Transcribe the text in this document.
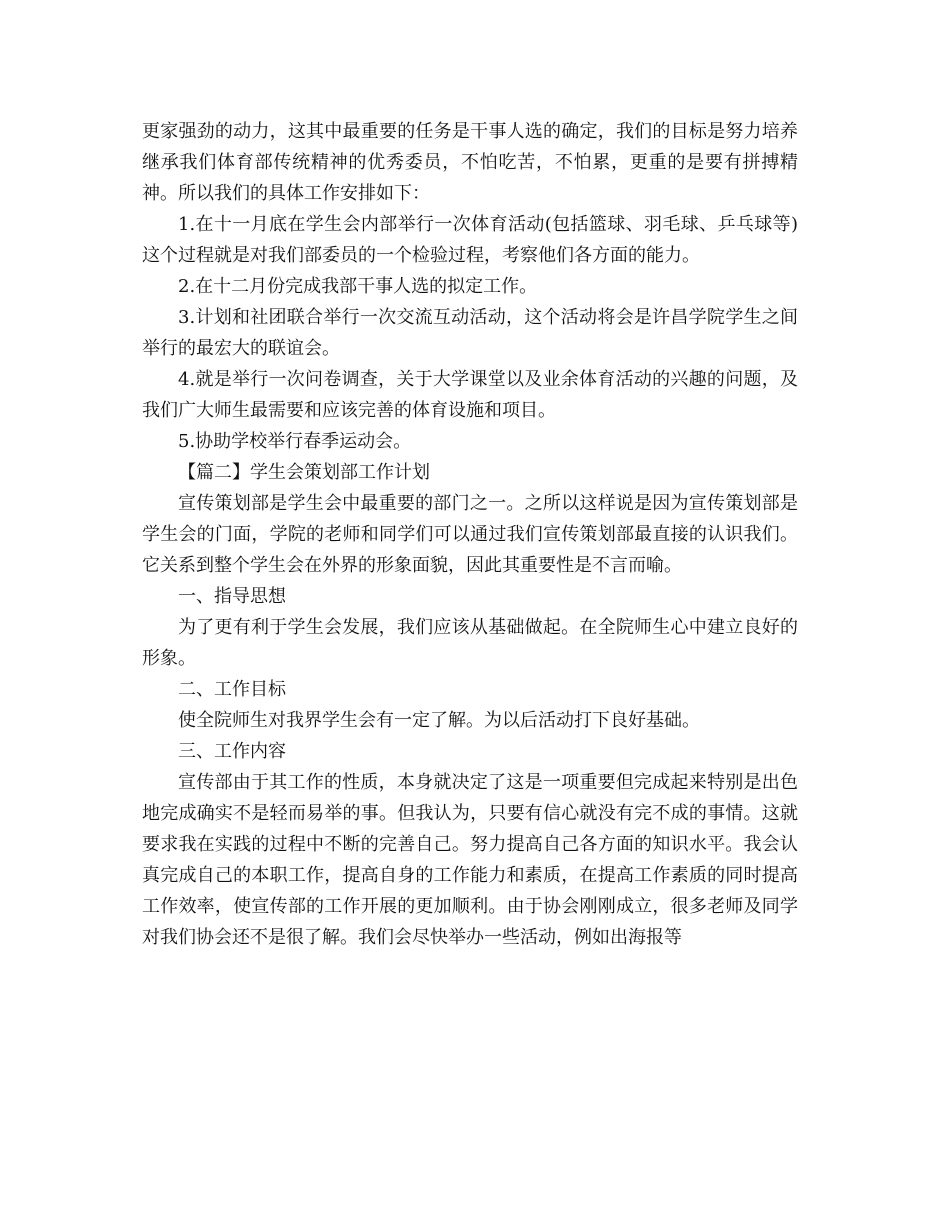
更家强劲的动力，这其中最重要的任务是干事人选的确定，我们的目标是努力培养继承我们体育部传统精神的优秀委员，不怕吃苦，不怕累，更重的是要有拼搏精神。所以我们的具体工作安排如下：

1.在十一月底在学生会内部举行一次体育活动(包括篮球、羽毛球、乒乓球等)这个过程就是对我们部委员的一个检验过程，考察他们各方面的能力。

2.在十二月份完成我部干事人选的拟定工作。

3.计划和社团联合举行一次交流互动活动，这个活动将会是许昌学院学生之间举行的最宏大的联谊会。

4.就是举行一次问卷调查，关于大学课堂以及业余体育活动的兴趣的问题，及我们广大师生最需要和应该完善的体育设施和项目。

5.协助学校举行春季运动会。

【篇二】学生会策划部工作计划

宣传策划部是学生会中最重要的部门之一。之所以这样说是因为宣传策划部是学生会的门面，学院的老师和同学们可以通过我们宣传策划部最直接的认识我们。它关系到整个学生会在外界的形象面貌，因此其重要性是不言而喻。

一、指导思想

为了更有利于学生会发展，我们应该从基础做起。在全院师生心中建立良好的形象。

二、工作目标

使全院师生对我界学生会有一定了解。为以后活动打下良好基础。

三、工作内容

宣传部由于其工作的性质，本身就决定了这是一项重要但完成起来特别是出色地完成确实不是轻而易举的事。但我认为，只要有信心就没有完不成的事情。这就要求我在实践的过程中不断的完善自己。努力提高自己各方面的知识水平。我会认真完成自己的本职工作，提高自身的工作能力和素质，在提高工作素质的同时提高工作效率，使宣传部的工作开展的更加顺利。由于协会刚刚成立，很多老师及同学对我们协会还不是很了解。我们会尽快举办一些活动，例如出海报等
